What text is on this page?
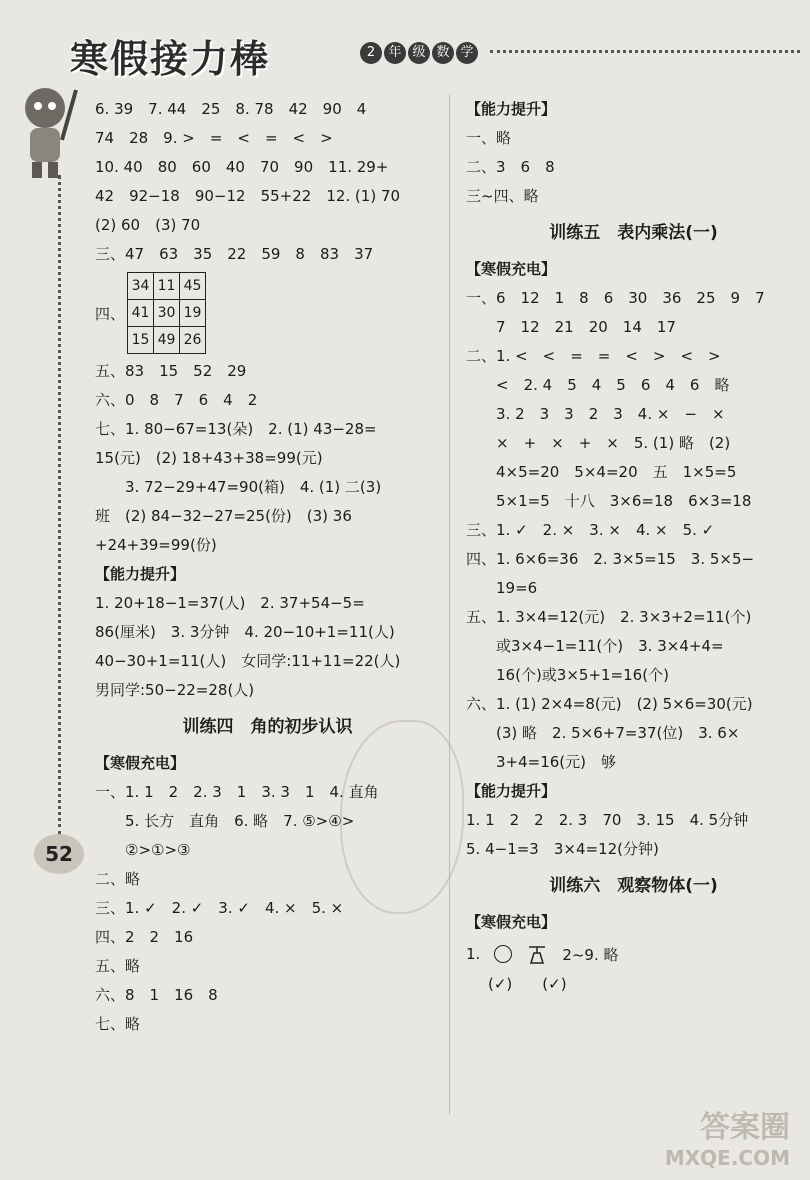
寒假接力棒	2	年 级 数 学
52
6. 39　7. 44　25　8. 78　42　90　4
74　28　9. >　=　<　=　<　>
10. 40　80　60　40　70　90　11. 29+
42　92−18　90−12　55+22　12. (1) 70
(2) 60　(3) 70
三、47　63　35　22　59　8　83　37
四、
34 11 45
41 30 19
15 49 26
五、83　15　52　29
六、0　8　7　6　4　2
七、1. 80−67=13(朵)　2. (1) 43−28=
15(元)　(2) 18+43+38=99(元)
3. 72−29+47=90(箱)　4. (1) 二(3)
班　(2) 84−32−27=25(份)　(3) 36
+24+39=99(份)
【能力提升】
1. 20+18−1=37(人)　2. 37+54−5=
86(厘米)　3. 3分钟　4. 20−10+1=11(人)
40−30+1=11(人)　女同学:11+11=22(人)
男同学:50−22=28(人)
训练四　角的初步认识
【寒假充电】
一、1. 1　2　2. 3　1　3. 3　1　4. 直角
5. 长方　直角　6. 略　7. ⑤>④>
②>①>③
二、略
三、1. ✓　2. ✓　3. ✓　4. ×　5. ×
四、2　2　16
五、略
六、8　1　16　8
七、略
【能力提升】
一、略
二、3　6　8
三~四、略
训练五　表内乘法(一)
【寒假充电】
一、6　12　1　8　6　30　36　25　9　7
7　12　21　20　14　17
二、1. <　<　=　=　<　>　<　>
<　2. 4　5　4　5　6　4　6　略
3. 2　3　3　2　3　4. ×　−　×
×　+　×　+　×　5. (1) 略　(2)
4×5=20　5×4=20　五　1×5=5
5×1=5　十八　3×6=18　6×3=18
三、1. ✓　2. ×　3. ×　4. ×　5. ✓
四、1. 6×6=36　2. 3×5=15　3. 5×5−
19=6
五、1. 3×4=12(元)　2. 3×3+2=11(个)
或3×4−1=11(个)　3. 3×4+4=
16(个)或3×5+1=16(个)
六、1. (1) 2×4=8(元)　(2) 5×6=30(元)
(3) 略　2. 5×6+7=37(位)　3. 6×
3+4=16(元)　够
【能力提升】
1. 1　2　2　2. 3　70　3. 15　4. 5分钟
5. 4−1=3　3×4=12(分钟)
训练六　观察物体(一)
【寒假充电】
1.	2~9. 略
(✓)　　(✓)
答案圈
MXQE.COM
